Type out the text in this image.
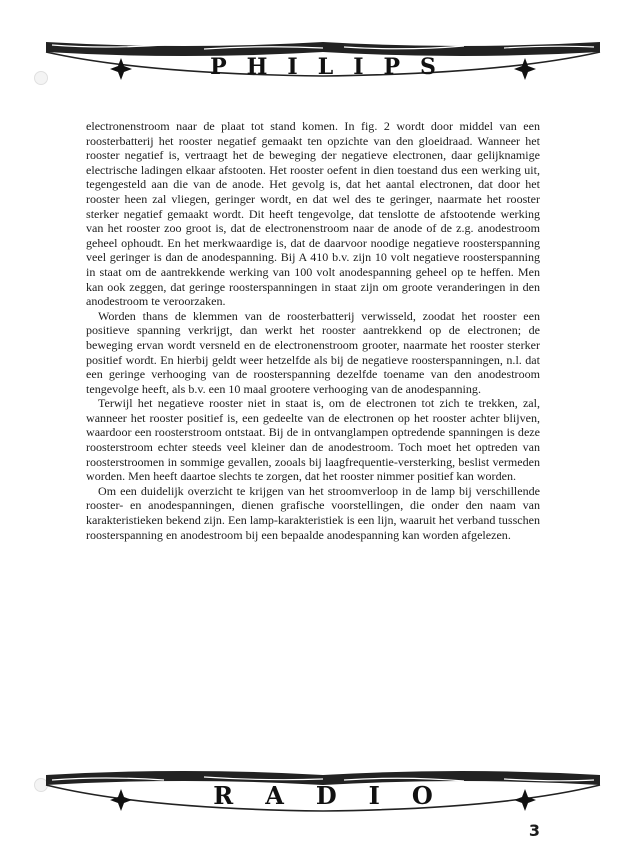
P H I L I P S

electronenstroom naar de plaat tot stand komen. In fig. 2 wordt door middel van een roosterbatterij het rooster negatief gemaakt ten opzichte van den gloeidraad. Wanneer het rooster negatief is, vertraagt het de beweging der negatieve electronen, daar gelijknamige electrische ladingen elkaar afstooten. Het rooster oefent in dien toestand dus een werking uit, tegengesteld aan die van de anode. Het gevolg is, dat het aantal electronen, dat door het rooster heen zal vliegen, geringer wordt, en dat wel des te geringer, naarmate het rooster sterker negatief gemaakt wordt. Dit heeft tengevolge, dat tenslotte de afstootende werking van het rooster zoo groot is, dat de electronenstroom naar de anode of de z.g. anodestroom geheel ophoudt. En het merkwaardige is, dat de daarvoor noodige negatieve roosterspanning veel geringer is dan de anodespanning. Bij A 410 b.v. zijn 10 volt negatieve roosterspanning in staat om de aantrekkende werking van 100 volt anodespanning geheel op te heffen. Men kan ook zeggen, dat geringe roosterspanningen in staat zijn om groote veranderingen in den anodestroom te veroorzaken.

Worden thans de klemmen van de roosterbatterij verwisseld, zoodat het rooster een positieve spanning verkrijgt, dan werkt het rooster aantrekkend op de electronen; de beweging ervan wordt versneld en de electronenstroom grooter, naarmate het rooster sterker positief wordt. En hierbij geldt weer hetzelfde als bij de negatieve roosterspanningen, n.l. dat een geringe verhooging van de roosterspanning dezelfde toename van den anodestroom tengevolge heeft, als b.v. een 10 maal grootere verhooging van de anodespanning.

Terwijl het negatieve rooster niet in staat is, om de electronen tot zich te trekken, zal, wanneer het rooster positief is, een gedeelte van de electronen op het rooster achter blijven, waardoor een roosterstroom ontstaat. Bij de in ontvanglampen optredende spanningen is deze roosterstroom echter steeds veel kleiner dan de anodestroom. Toch moet het optreden van roosterstroomen in sommige gevallen, zooals bij laagfrequentie-versterking, beslist vermeden worden. Men heeft daartoe slechts te zorgen, dat het rooster nimmer positief kan worden.

Om een duidelijk overzicht te krijgen van het stroomverloop in de lamp bij verschillende rooster- en anodespanningen, dienen grafische voorstellingen, die onder den naam van karakteristieken bekend zijn. Een lamp-karakteristiek is een lijn, waaruit het verband tusschen roosterspanning en anodestroom bij een bepaalde anodespanning kan worden afgelezen.

R A D I O
3
